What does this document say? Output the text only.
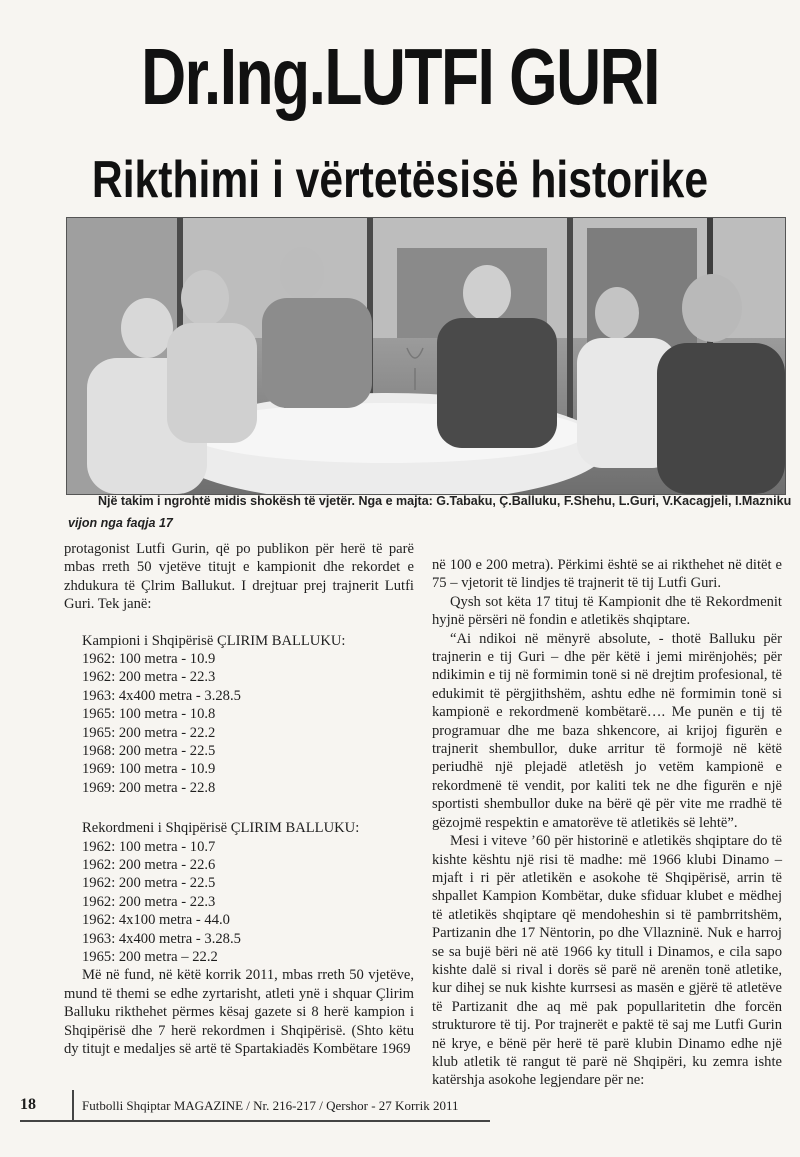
Dr.Ing.LUTFI GURI
Rikthimi i vërtetësisë historike
Një takim i ngrohtë midis shokësh të vjetër. Nga e majta: G.Tabaku, Ç.Balluku, F.Shehu, L.Guri, V.Kacagjeli, I.Mazniku
vijon nga faqja 17

protagonist Lutfi Gurin, që po publikon për herë të parë mbas rreth 50 vjetëve titujt e kampionit dhe rekordet e zhdukura të Çlrim Ballukut. I drejtuar prej trajnerit Lutfi Guri. Tek janë:

Kampioni i Shqipërisë ÇLIRIM BALLUKU:
1962: 100 metra - 10.9
1962: 200 metra - 22.3
1963: 4x400 metra - 3.28.5
1965: 100 metra - 10.8
1965: 200 metra - 22.2
1968: 200 metra - 22.5
1969: 100 metra - 10.9
1969: 200 metra - 22.8
Rekordmeni i Shqipërisë ÇLIRIM BALLUKU:
1962: 100 metra - 10.7
1962: 200 metra - 22.6
1962: 200 metra - 22.5
1962: 200 metra - 22.3
1962: 4x100 metra - 44.0
1963: 4x400 metra - 3.28.5
1965: 200 metra – 22.2

Më në fund, në këtë korrik 2011, mbas rreth 50 vjetëve, mund të themi se edhe zyrtarisht, atleti ynë i shquar Çlirim Balluku rikthehet përmes kësaj gazete si 8 herë kampion i Shqipërisë dhe 7 herë rekordmen i Shqipërisë. (Shto këtu dy titujt e medaljes së artë të Spartakiadës Kombëtare 1969

në 100 e 200 metra). Përkimi është se ai rikthehet në ditët e 75 – vjetorit të lindjes të trajnerit të tij Lutfi Guri.

Qysh sot këta 17 tituj të Kampionit dhe të Rekordmenit hyjnë përsëri në fondin e atletikës shqiptare.

“Ai ndikoi në mënyrë absolute, - thotë Balluku për trajnerin e tij Guri – dhe për këtë i jemi mirënjohës; për ndikimin e tij në formimin tonë si në drejtim profesional, të edukimit të përgjithshëm, ashtu edhe në formimin tonë si kampionë e rekordmenë kombëtarë…. Me punën e tij të programuar dhe me baza shkencore, ai krijoj figurën e trajnerit shembullor, duke arritur të formojë në këtë periudhë një plejadë atletësh jo vetëm kampionë e rekordmenë të vendit, por kaliti tek ne dhe figurën e një sportisti shembullor duke na bërë që për vite me rradhë të gëzojmë respektin e amatorëve të atletikës së lehtë”.

Mesi i viteve ’60 për historinë e atletikës shqiptare do të kishte kështu një risi të madhe: më 1966 klubi Dinamo – mjaft i ri për atletikën e asokohe të Shqipërisë, arrin të shpallet Kampion Kombëtar, duke sfiduar klubet e mëdhej të atletikës shqiptare që mendoheshin si të pambrritshëm, Partizanin dhe 17 Nëntorin, po dhe Vllazninë. Nuk e harroj se sa bujë bëri në atë 1966 ky titull i Dinamos, e cila sapo kishte dalë si rival i dorës së parë në arenën tonë atletike, kur dihej se nuk kishte kurrsesi as masën e gjërë të atletëve të Partizanit dhe aq më pak popullaritetin dhe forcën strukturore të tij. Por trajnerët e paktë të saj me Lutfi Gurin në krye, e bënë për herë të parë klubin Dinamo edhe një klub atletik të rangut të parë në Shqipëri, ku zemra ishte katërshja asokohe legjendare për ne:

18	Futbolli Shqiptar MAGAZINE / Nr. 216-217 / Qershor - 27 Korrik 2011
